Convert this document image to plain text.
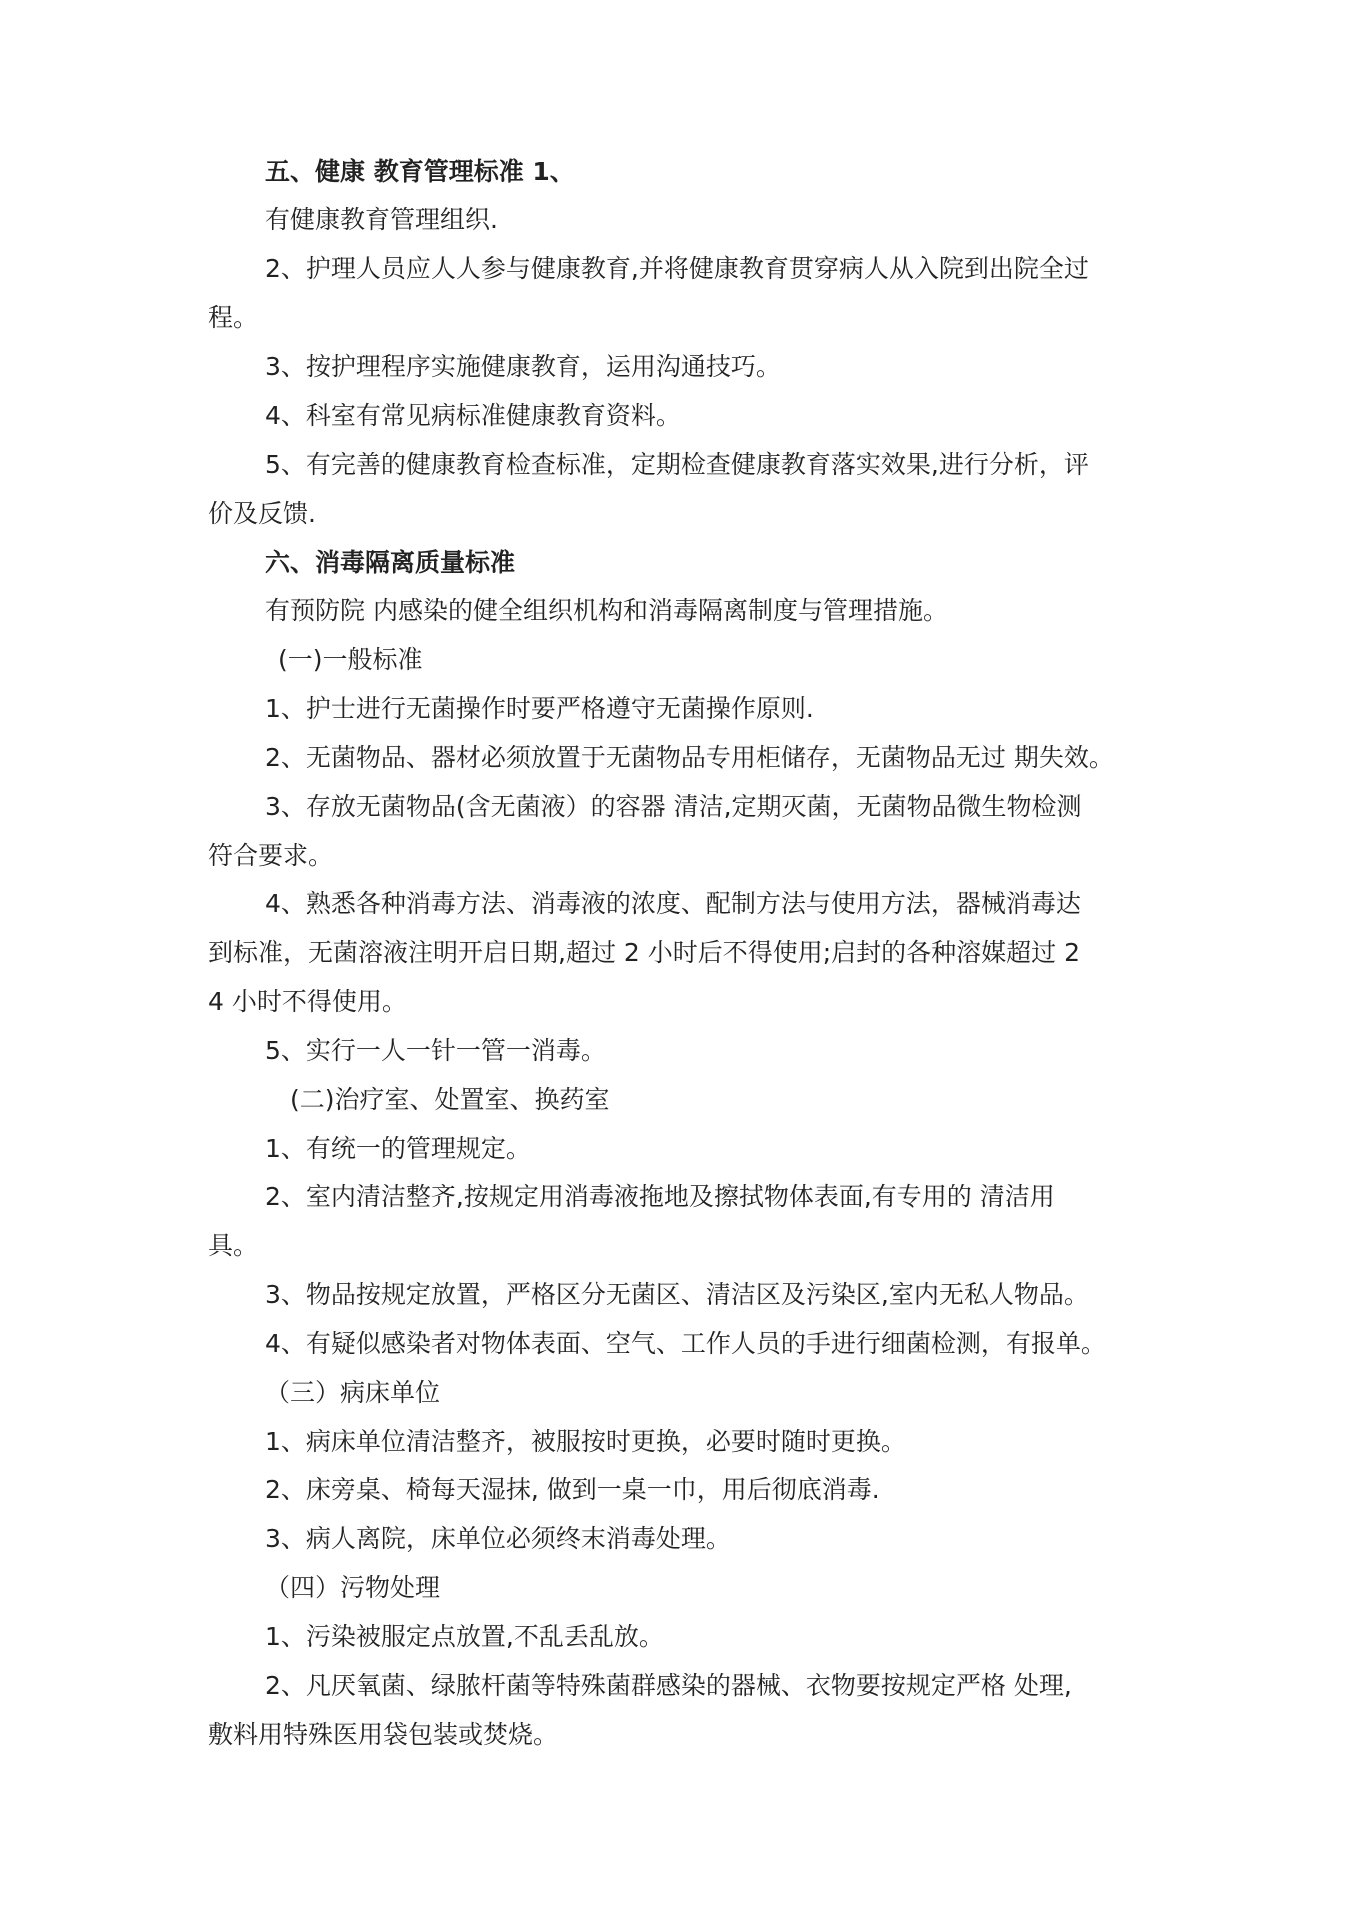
五、健康 教育管理标准 1、
有健康教育管理组织.
2、护理人员应人人参与健康教育,并将健康教育贯穿病人从入院到出院全过
程。
3、按护理程序实施健康教育，运用沟通技巧。
4、科室有常见病标准健康教育资料。
5、有完善的健康教育检查标准，定期检查健康教育落实效果,进行分析，评
价及反馈.
六、消毒隔离质量标准
有预防院 内感染的健全组织机构和消毒隔离制度与管理措施。
(一)一般标准
1、护士进行无菌操作时要严格遵守无菌操作原则.
2、无菌物品、器材必须放置于无菌物品专用柜储存，无菌物品无过 期失效。
3、存放无菌物品(含无菌液）的容器 清洁,定期灭菌，无菌物品微生物检测
符合要求。
4、熟悉各种消毒方法、消毒液的浓度、配制方法与使用方法，器械消毒达
到标准，无菌溶液注明开启日期,超过 2 小时后不得使用;启封的各种溶媒超过 2
4 小时不得使用。
5、实行一人一针一管一消毒。
(二)治疗室、处置室、换药室
1、有统一的管理规定。
2、室内清洁整齐,按规定用消毒液拖地及擦拭物体表面,有专用的 清洁用
具。
3、物品按规定放置，严格区分无菌区、清洁区及污染区,室内无私人物品。
4、有疑似感染者对物体表面、空气、工作人员的手进行细菌检测，有报单。
（三）病床单位
1、病床单位清洁整齐，被服按时更换，必要时随时更换。
2、床旁桌、椅每天湿抹, 做到一桌一巾，用后彻底消毒.
3、病人离院，床单位必须终末消毒处理。
（四）污物处理
1、污染被服定点放置,不乱丢乱放。
2、凡厌氧菌、绿脓杆菌等特殊菌群感染的器械、衣物要按规定严格 处理,
敷料用特殊医用袋包装或焚烧。
